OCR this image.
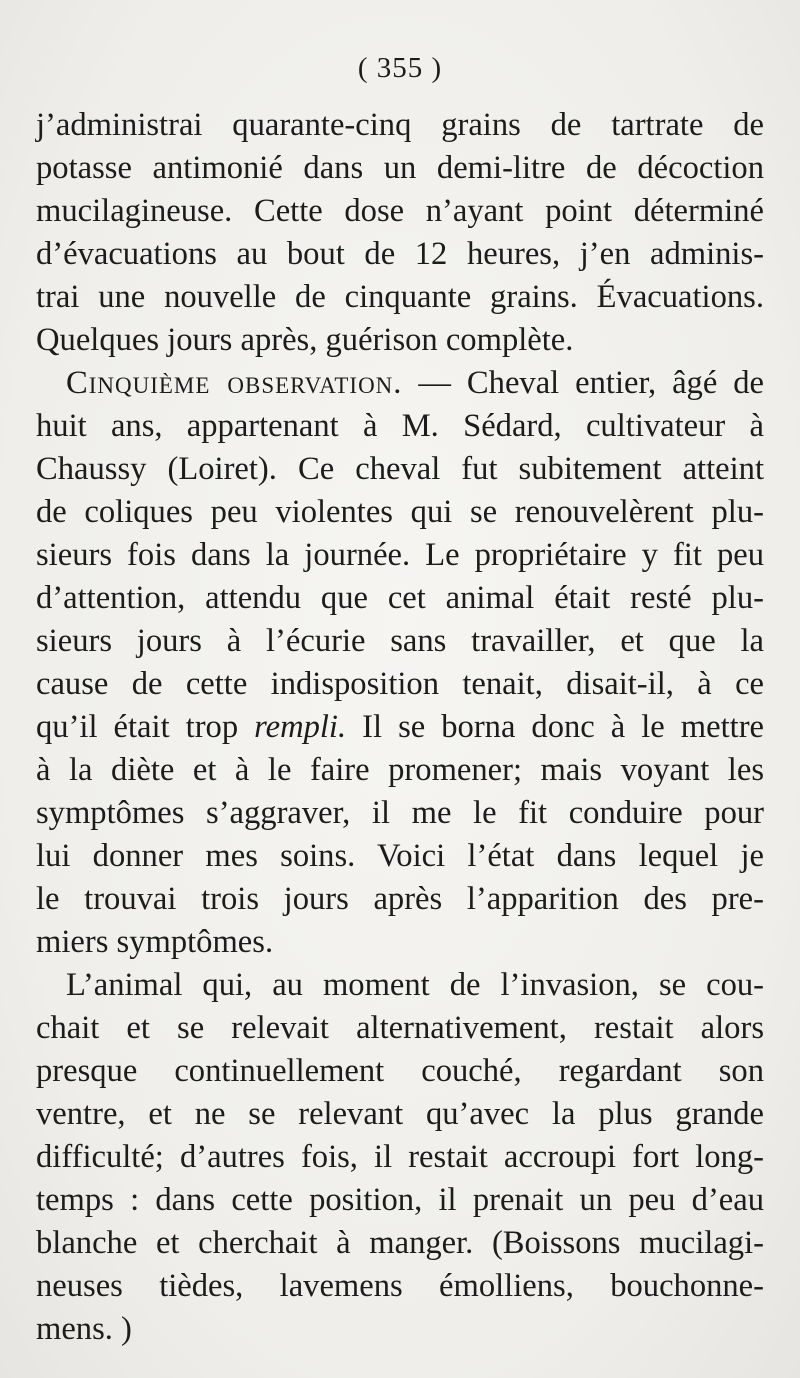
( 355 )
j’administrai quarante-cinq grains de tartrate de
potasse antimonié dans un demi-litre de décoction
mucilagineuse. Cette dose n’ayant point déterminé
d’évacuations au bout de 12 heures, j’en adminis-
trai une nouvelle de cinquante grains. Évacuations.
Quelques jours après, guérison complète.
Cinquième observation. — Cheval entier, âgé de
huit ans, appartenant à M. Sédard, cultivateur à
Chaussy (Loiret). Ce cheval fut subitement atteint
de coliques peu violentes qui se renouvelèrent plu-
sieurs fois dans la journée. Le propriétaire y fit peu
d’attention, attendu que cet animal était resté plu-
sieurs jours à l’écurie sans travailler, et que la
cause de cette indisposition tenait, disait-il, à ce
qu’il était trop rempli. Il se borna donc à le mettre
à la diète et à le faire promener; mais voyant les
symptômes s’aggraver, il me le fit conduire pour
lui donner mes soins. Voici l’état dans lequel je
le trouvai trois jours après l’apparition des pre-
miers symptômes.
L’animal qui, au moment de l’invasion, se cou-
chait et se relevait alternativement, restait alors
presque continuellement couché, regardant son
ventre, et ne se relevant qu’avec la plus grande
difficulté; d’autres fois, il restait accroupi fort long-
temps : dans cette position, il prenait un peu d’eau
blanche et cherchait à manger. (Boissons mucilagi-
neuses tièdes, lavemens émolliens, bouchonne-
mens. )
